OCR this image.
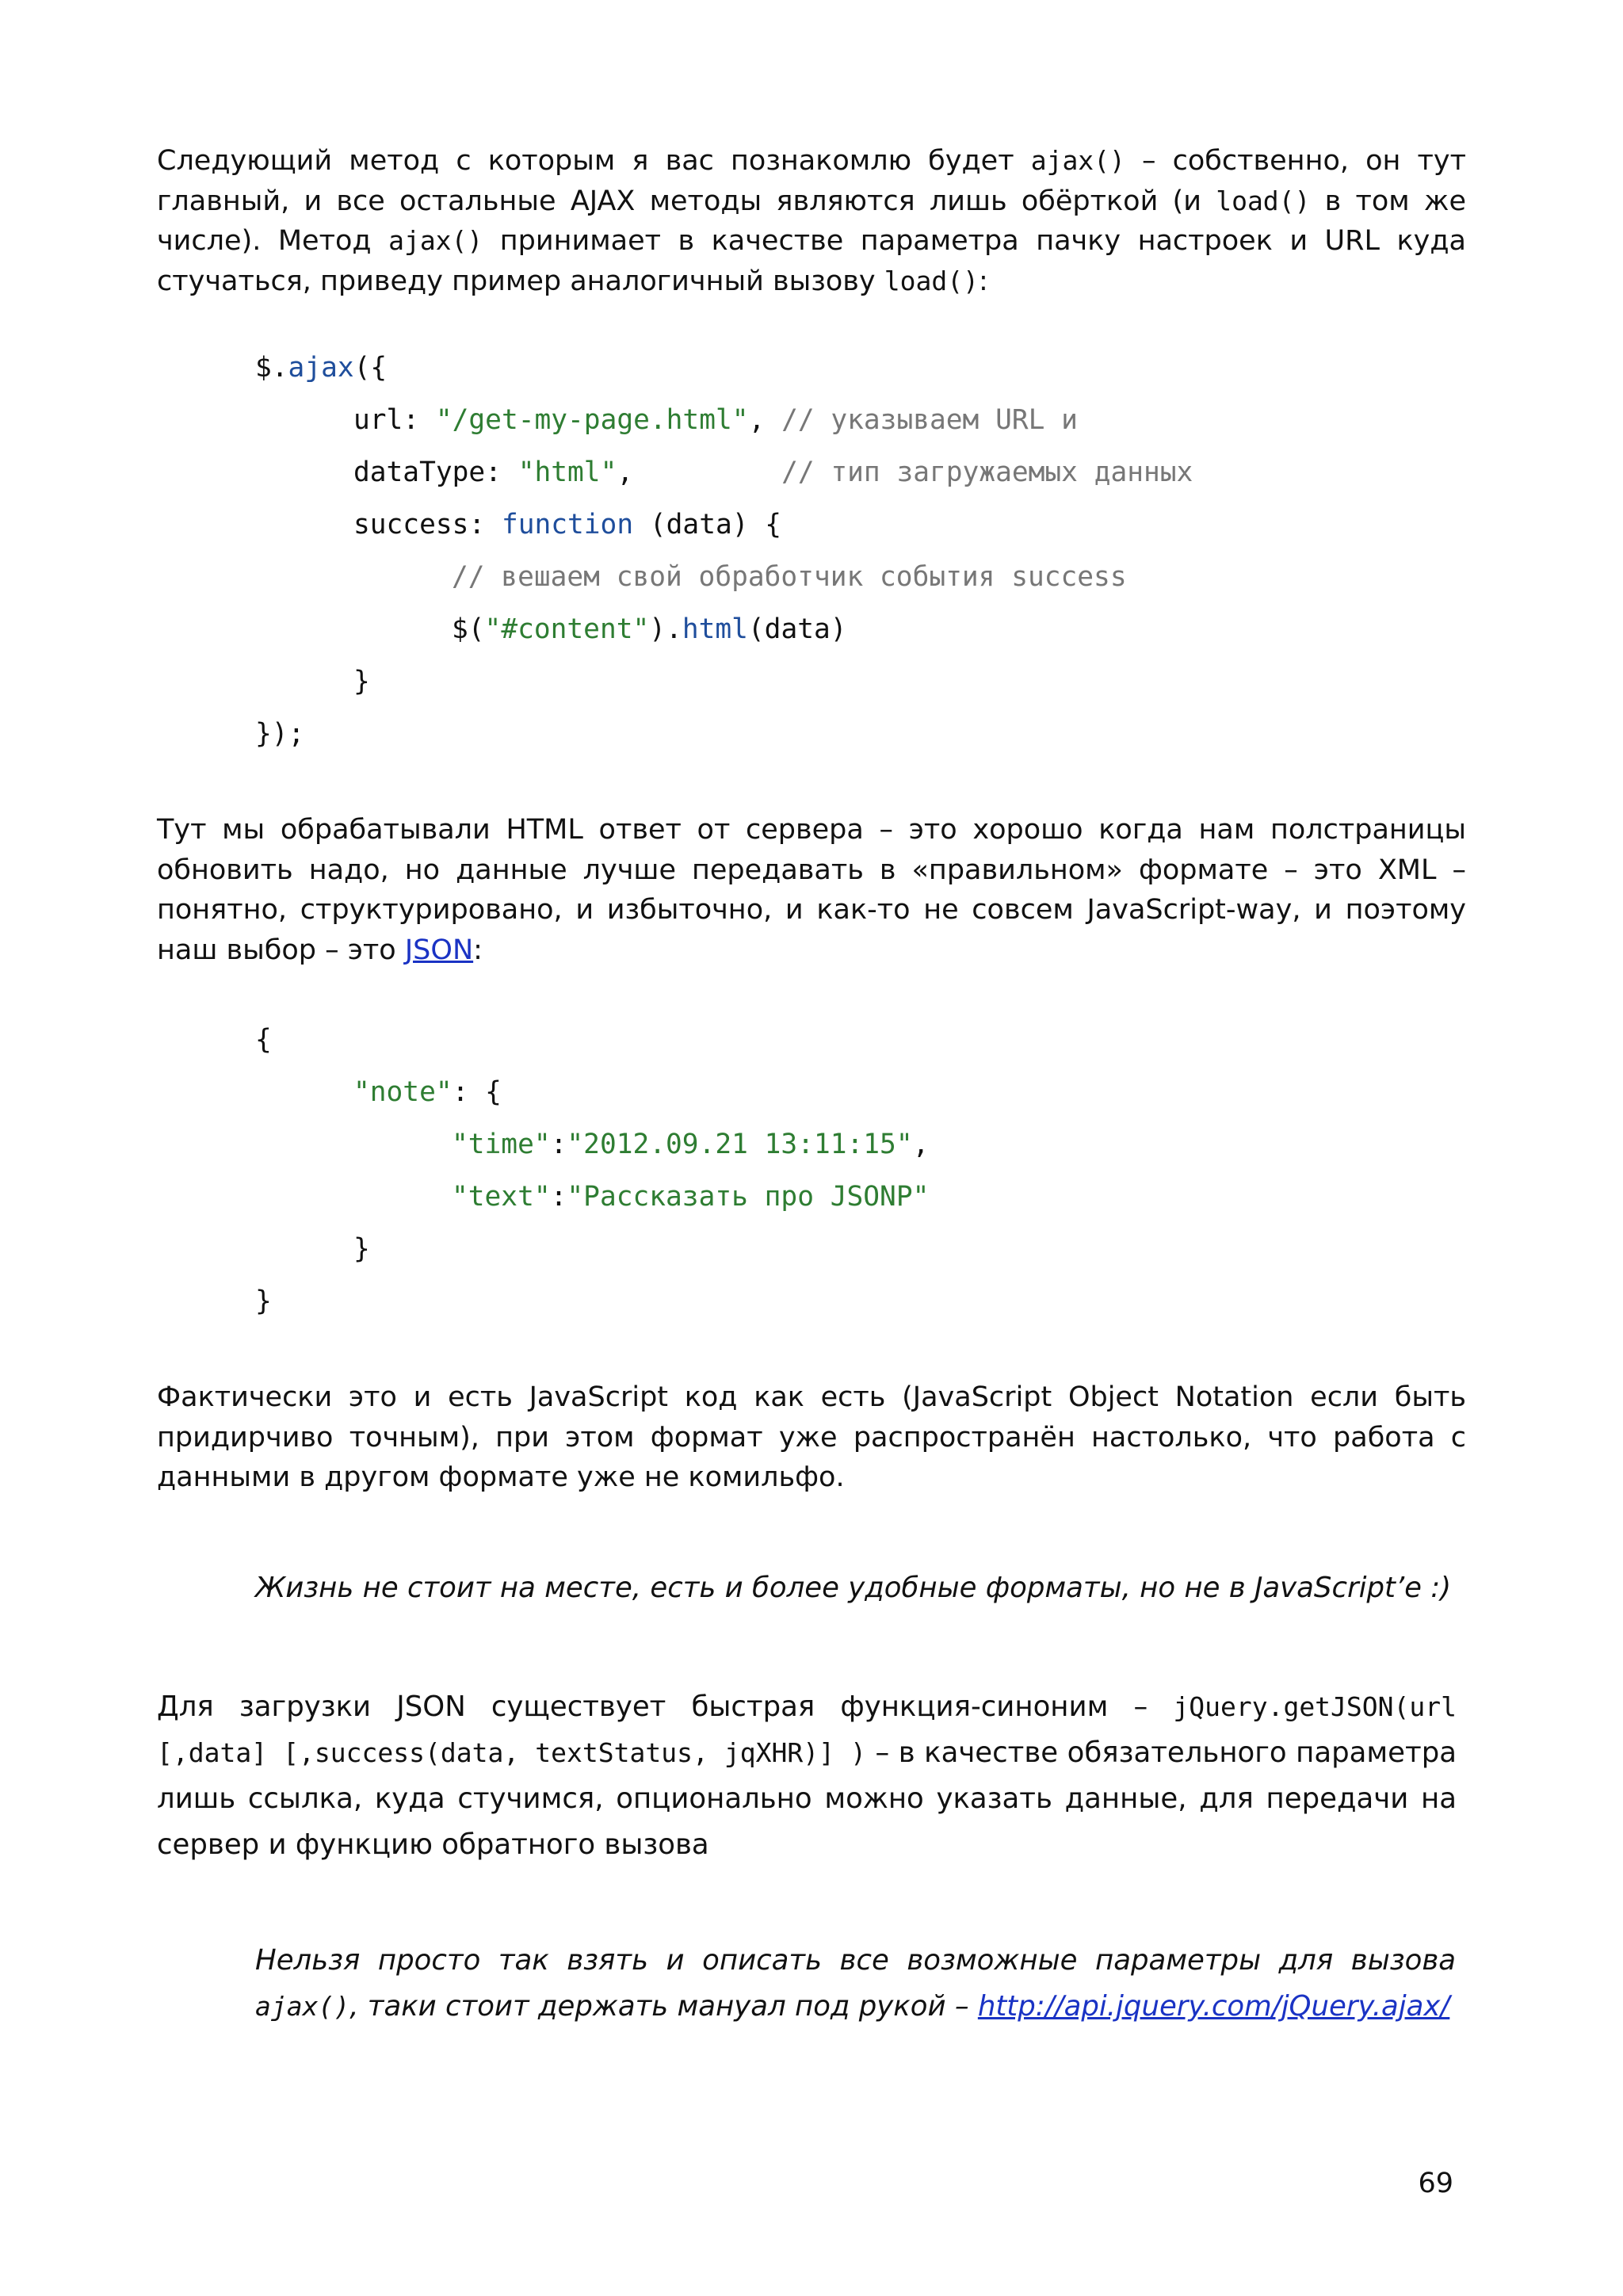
Следующий метод с которым я вас познакомлю будет ajax() – собственно, он тут главный, и все остальные AJAX методы являются лишь обёрткой (и load() в том же числе). Метод ajax() принимает в качестве параметра пачку настроек и URL куда стучаться, приведу пример аналогичный вызову load():

$.ajax({

url: "/get-my-page.html", // указываем URL и

dataType: "html",         // тип загружаемых данных

success: function (data) {

// вешаем свой обработчик события success

$("#content").html(data)

}

});

Тут мы обрабатывали HTML ответ от сервера – это хорошо когда нам полстраницы обновить надо, но данные лучше передавать в «правильном» формате – это XML – понятно, структурировано, и избыточно, и как-то не совсем JavaScript-way, и поэтому наш выбор – это JSON:

{

"note": {

"time":"2012.09.21 13:11:15",

"text":"Рассказать про JSONP"

}

}

Фактически это и есть JavaScript код как есть (JavaScript Object Notation если быть придирчиво точным), при этом формат уже распространён настолько, что работа с данными в другом формате уже не комильфо.

Жизнь не стоит на месте, есть и более удобные форматы, но не в JavaScript’e :)

Для загрузки JSON существует быстрая функция-синоним – jQuery.getJSON(url [,data] [,success(data, textStatus, jqXHR)] ) – в качестве обязательного параметра лишь ссылка, куда стучимся, опционально можно указать данные, для передачи на сервер и функцию обратного вызова

Нельзя просто так взять и описать все возможные параметры для вызова ajax(), таки стоит держать мануал под рукой – http://api.jquery.com/jQuery.ajax/

69
